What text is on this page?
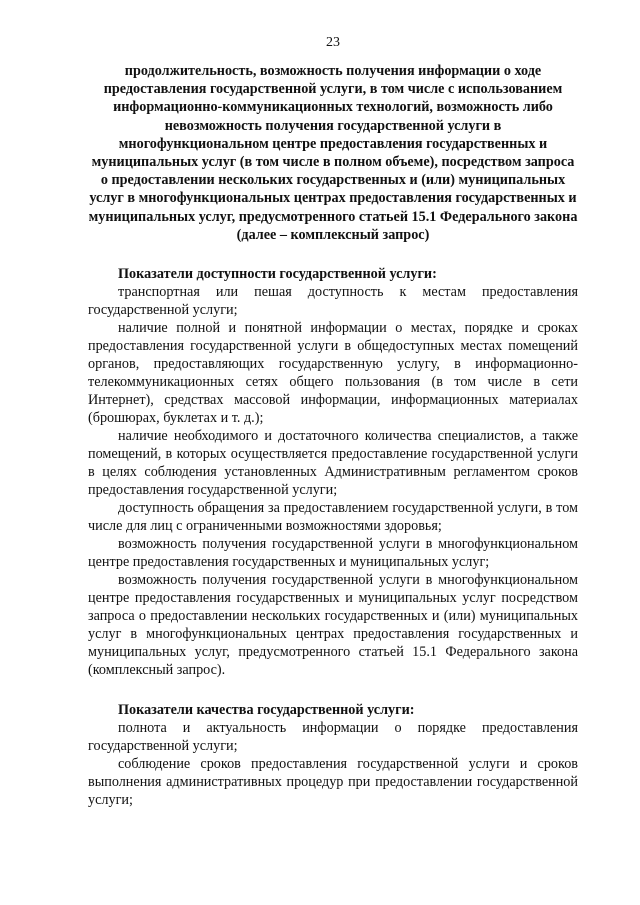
23

продолжительность, возможность получения информации о ходе предоставления государственной услуги, в том числе с использованием информационно-коммуникационных технологий, возможность либо невозможность получения государственной услуги в многофункциональном центре предоставления государственных и муниципальных услуг (в том числе в полном объеме), посредством запроса о предоставлении нескольких государственных и (или) муниципальных услуг в многофункциональных центрах предоставления государственных и муниципальных услуг, предусмотренного статьей 15.1 Федерального закона (далее – комплексный запрос)

Показатели доступности государственной услуги:

транспортная или пешая доступность к местам предоставления государственной услуги;

наличие полной и понятной информации о местах, порядке и сроках предоставления государственной услуги в общедоступных местах помещений органов, предоставляющих государственную услугу, в информационно-телекоммуникационных сетях общего пользования (в том числе в сети Интернет), средствах массовой информации, информационных материалах (брошюрах, буклетах и т. д.);

наличие необходимого и достаточного количества специалистов, а также помещений, в которых осуществляется предоставление государственной услуги в целях соблюдения установленных Административным регламентом сроков предоставления государственной услуги;

доступность обращения за предоставлением государственной услуги, в том числе для лиц с ограниченными возможностями здоровья;

возможность получения государственной услуги в многофункциональном центре предоставления государственных и муниципальных услуг;

возможность получения государственной услуги в многофункциональном центре предоставления государственных и муниципальных услуг посредством запроса о предоставлении нескольких государственных и (или) муниципальных услуг в многофункциональных центрах предоставления государственных и муниципальных услуг, предусмотренного статьей 15.1 Федерального закона (комплексный запрос).

Показатели качества государственной услуги:

полнота и актуальность информации о порядке предоставления государственной услуги;

соблюдение сроков предоставления государственной услуги и сроков выполнения административных процедур при предоставлении государственной услуги;
